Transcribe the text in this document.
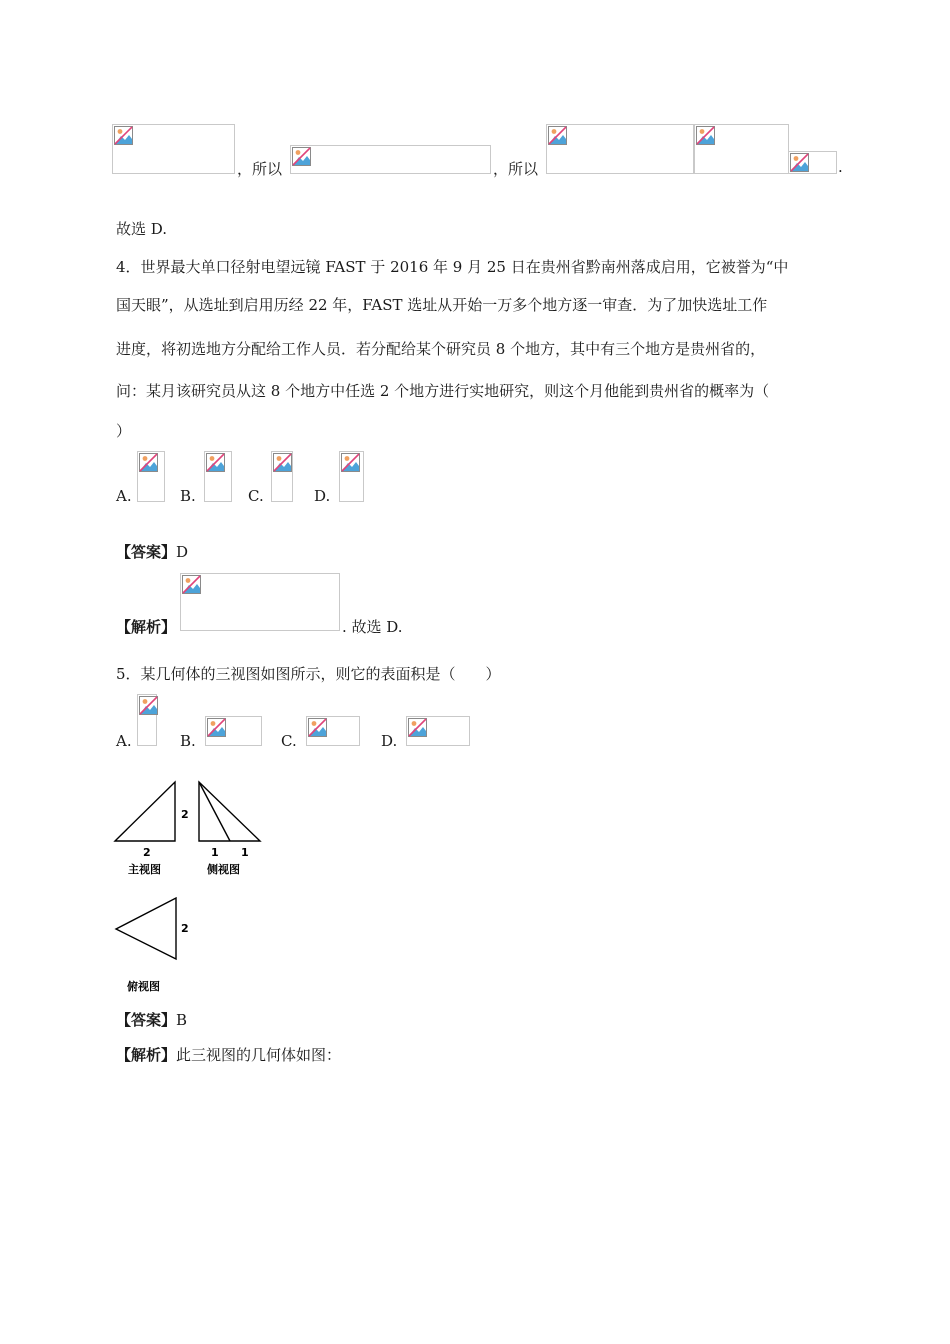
，所以	，所以	.
故选 D.
4．世界最大单口径射电望远镜 FAST 于 2016 年 9 月 25 日在贵州省黔南州落成启用，它被誉为“中
国天眼”，从选址到启用历经 22 年，FAST 选址从开始一万多个地方逐一审查．为了加快选址工作
进度，将初选地方分配给工作人员．若分配给某个研究员 8 个地方，其中有三个地方是贵州省的，
问：某月该研究员从这 8 个地方中任选 2 个地方进行实地研究，则这个月他能到贵州省的概率为（
）
A.	B.	C.	D.
【答案】D
【解析】	. 故选 D.
5．某几何体的三视图如图所示，则它的表面积是（　　）
A.	B.	C.	D.
2
2
主视图
1 1
侧视图
2
俯视图
【答案】B
【解析】此三视图的几何体如图：
